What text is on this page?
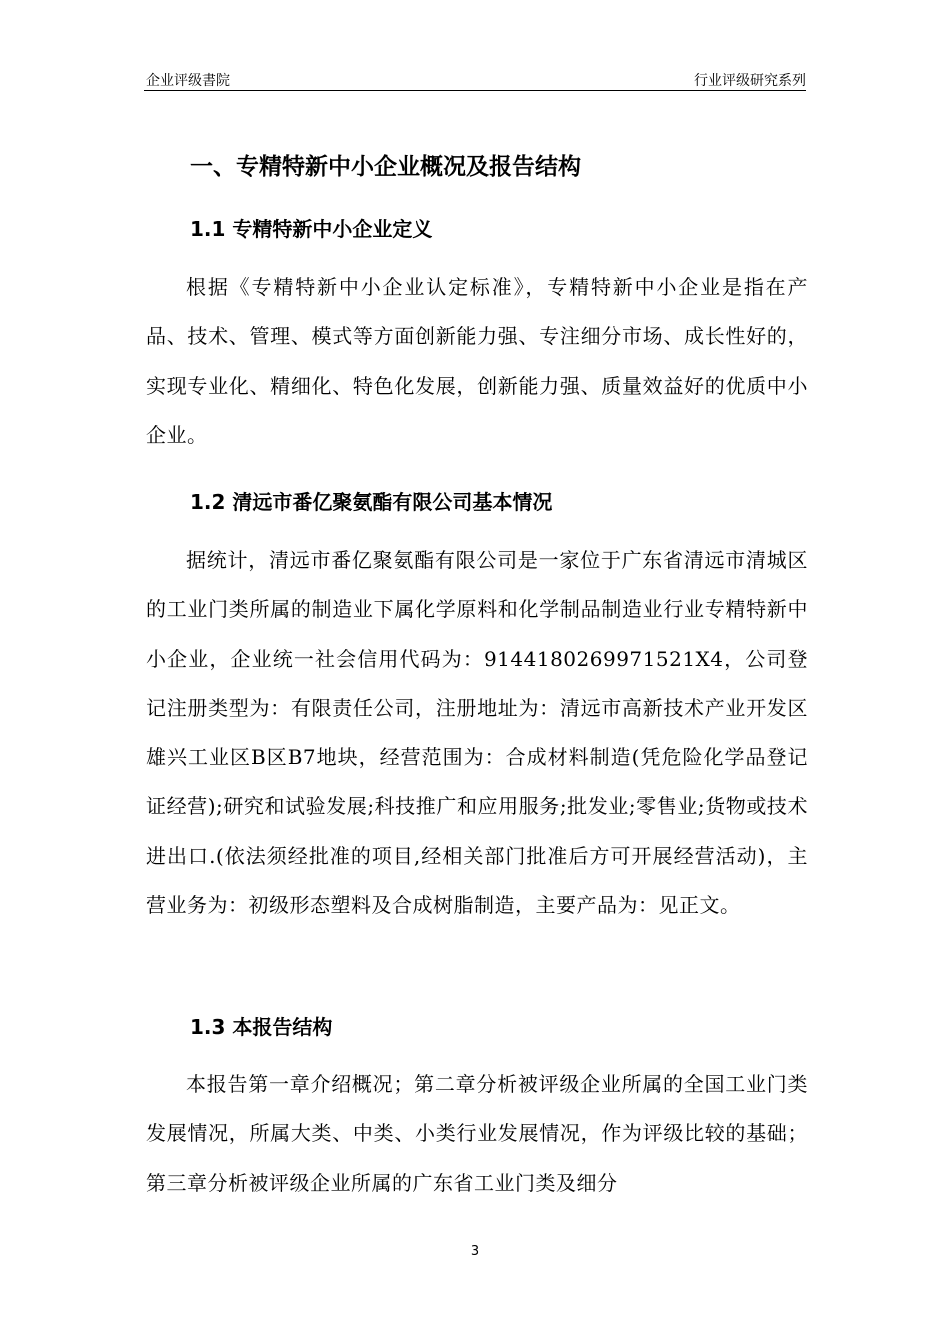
企业评级書院	行业评级研究系列
一、专精特新中小企业概况及报告结构
1.1 专精特新中小企业定义

根据《专精特新中小企业认定标准》，专精特新中小企业是指在产品、技术、管理、模式等方面创新能力强、专注细分市场、成长性好的，实现专业化、精细化、特色化发展，创新能力强、质量效益好的优质中小企业。

1.2 清远市番亿聚氨酯有限公司基本情况

据统计，清远市番亿聚氨酯有限公司是一家位于广东省清远市清城区的工业门类所属的制造业下属化学原料和化学制品制造业行业专精特新中小企业，企业统一社会信用代码为：9144180269971521X4，公司登记注册类型为：有限责任公司，注册地址为：清远市高新技术产业开发区雄兴工业区B区B7地块，经营范围为：合成材料制造(凭危险化学品登记证经营);研究和试验发展;科技推广和应用服务;批发业;零售业;货物或技术进出口.(依法须经批准的项目,经相关部门批准后方可开展经营活动)，主营业务为：初级形态塑料及合成树脂制造，主要产品为：见正文。

1.3 本报告结构

本报告第一章介绍概况；第二章分析被评级企业所属的全国工业门类发展情况，所属大类、中类、小类行业发展情况，作为评级比较的基础；第三章分析被评级企业所属的广东省工业门类及细分

3
